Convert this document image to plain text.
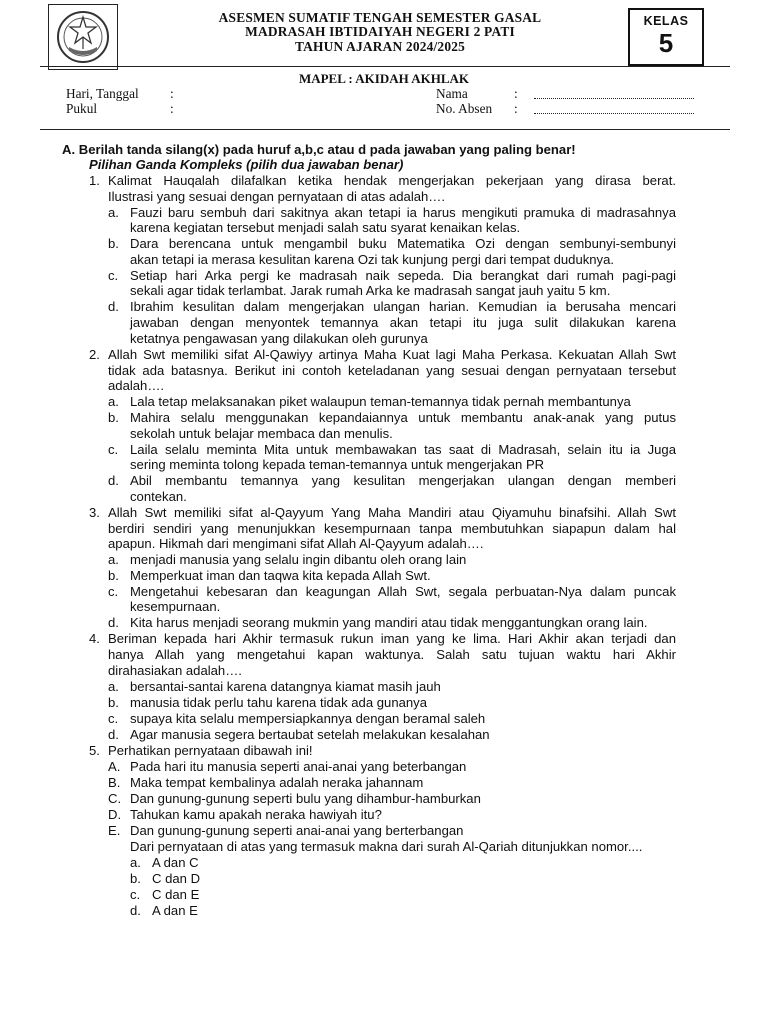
ASESMEN SUMATIF TENGAH SEMESTER GASAL
MADRASAH IBTIDAIYAH NEGERI 2 PATI
TAHUN AJARAN 2024/2025
KELAS
5
MAPEL : AKIDAH AKHLAK
Hari, Tanggal :
Pukul	:
Nama	:
No. Absen :
A. Berilah tanda silang(x) pada huruf a,b,c atau d pada jawaban yang paling benar!
Pilihan Ganda Kompleks (pilih dua jawaban benar)
1. Kalimat Hauqalah dilafalkan ketika hendak mengerjakan pekerjaan yang dirasa berat.
Ilustrasi yang sesuai dengan pernyataan di atas adalah….
a. Fauzi baru sembuh dari sakitnya akan tetapi ia harus mengikuti pramuka di madrasahnya
karena kegiatan tersebut menjadi salah satu syarat kenaikan kelas.
b. Dara berencana untuk mengambil buku Matematika Ozi dengan sembunyi-sembunyi
akan tetapi ia merasa kesulitan karena Ozi tak kunjung pergi dari tempat duduknya.
c. Setiap hari Arka pergi ke madrasah naik sepeda. Dia berangkat dari rumah pagi-pagi
sekali agar tidak terlambat. Jarak rumah Arka ke madrasah sangat jauh yaitu 5 km.
d. Ibrahim kesulitan dalam mengerjakan ulangan harian. Kemudian ia berusaha mencari
jawaban dengan menyontek temannya akan tetapi itu juga sulit dilakukan karena
ketatnya pengawasan yang dilakukan oleh gurunya
2. Allah Swt memiliki sifat Al-Qawiyy artinya Maha Kuat lagi Maha Perkasa. Kekuatan Allah Swt
tidak ada batasnya. Berikut ini contoh keteladanan yang sesuai dengan pernyataan tersebut
adalah….
a. Lala tetap melaksanakan piket walaupun teman-temannya tidak pernah membantunya
b. Mahira selalu menggunakan kepandaiannya untuk membantu anak-anak yang putus
sekolah untuk belajar membaca dan menulis.
c. Laila selalu meminta Mita untuk membawakan tas saat di Madrasah, selain itu ia Juga
sering meminta tolong kepada teman-temannya untuk mengerjakan PR
d. Abil membantu temannya yang kesulitan mengerjakan ulangan dengan memberi
contekan.
3. Allah Swt memiliki sifat al-Qayyum Yang Maha Mandiri atau Qiyamuhu binafsihi. Allah Swt
berdiri sendiri yang menunjukkan kesempurnaan tanpa membutuhkan siapapun dalam hal
apapun. Hikmah dari mengimani sifat Allah Al-Qayyum adalah….
a. menjadi manusia yang selalu ingin dibantu oleh orang lain
b. Memperkuat iman dan taqwa kita kepada Allah Swt.
c. Mengetahui kebesaran dan keagungan Allah Swt, segala perbuatan-Nya dalam puncak
kesempurnaan.
d. Kita harus menjadi seorang mukmin yang mandiri atau tidak menggantungkan orang lain.
4. Beriman kepada hari Akhir termasuk rukun iman yang ke lima. Hari Akhir akan terjadi dan
hanya Allah yang mengetahui kapan waktunya. Salah satu tujuan waktu hari Akhir
dirahasiakan adalah….
a. bersantai-santai karena datangnya kiamat masih jauh
b. manusia tidak perlu tahu karena tidak ada gunanya
c. supaya kita selalu mempersiapkannya dengan beramal saleh
d. Agar manusia segera bertaubat setelah melakukan kesalahan
5. Perhatikan pernyataan dibawah ini!
A. Pada hari itu manusia seperti anai-anai yang beterbangan
B. Maka tempat kembalinya adalah neraka jahannam
C. Dan gunung-gunung seperti bulu yang dihambur-hamburkan
D. Tahukan kamu apakah neraka hawiyah itu?
E. Dan gunung-gunung seperti anai-anai yang berterbangan
Dari pernyataan di atas yang termasuk makna dari surah Al-Qariah ditunjukkan nomor....
a. A dan C
b. C dan D
c. C dan E
d. A dan E
